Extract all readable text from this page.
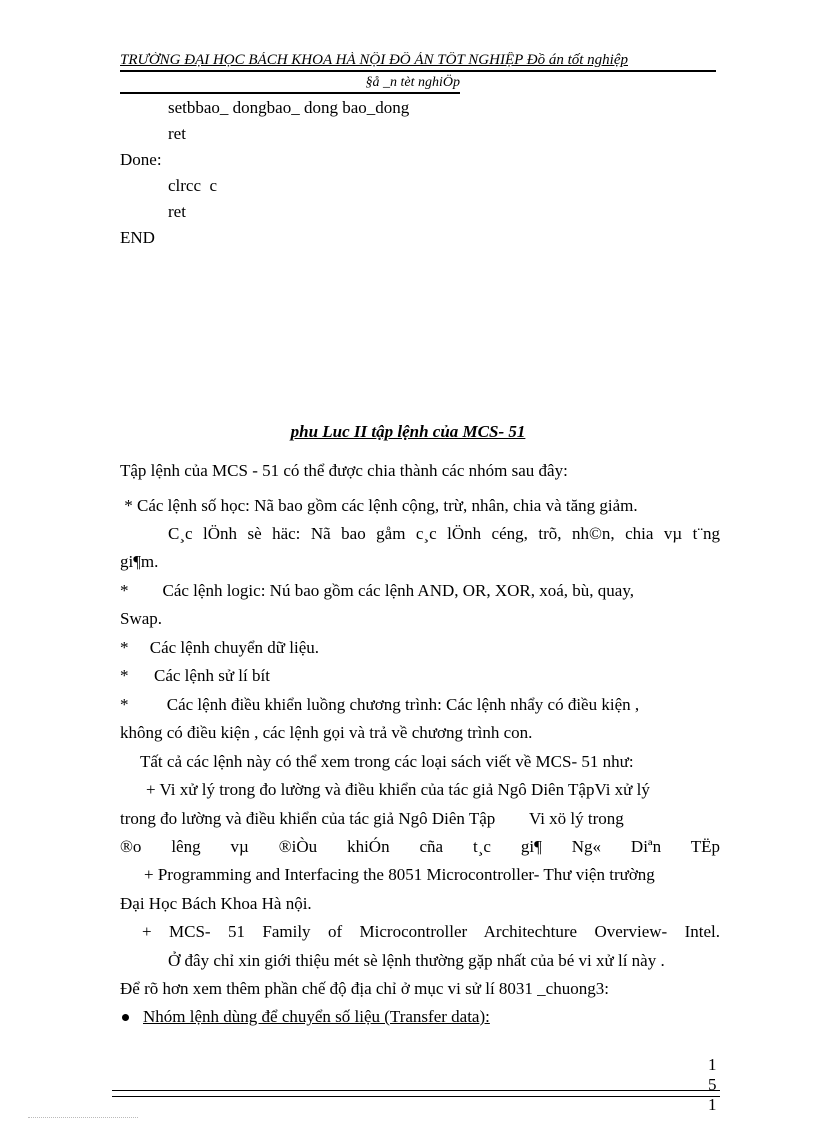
TRƯỜNG ĐẠI HỌC BÁCH KHOA HÀ NỘI ĐỒ ÁN TỐT NGHIỆP Đồ án tốt nghiệp
§å _n tèt nghiÖp
setbbao_ dongbao_ dong bao_dong
ret
Done:
clrcc  c
ret
END
phu Luc II tập lệnh của MCS- 51
Tập lệnh của MCS - 51 có thể được chia thành các nhóm sau đây:
* Các lệnh số học: Nã bao gồm các lệnh cộng, trừ, nhân, chia và tăng giảm.
C¸c lÖnh sè häc: Nã bao gåm c¸c lÖnh céng, trõ, nh©n, chia vµ t¨ng
gi¶m.
*        Các lệnh logic: Nú bao gồm các lệnh AND, OR, XOR, xoá, bù, quay,
Swap.
*     Các lệnh chuyển dữ liệu.
*      Các lệnh sử lí bít
*         Các lệnh điều khiển luồng chương trình: Các lệnh nhẩy có điều kiện ,
không có điều kiện , các lệnh gọi và trả về chương trình con.
Tất cả các lệnh này có thể xem trong các loại sách viết về MCS- 51 như:
+ Vi xử lý trong đo lường và điều khiển của tác giả Ngô Diên TậpVi xử lý
trong đo lường và điều khiển của tác giả Ngô Diên Tập        Vi xö lý trong
®o lêng vµ ®iÒu khiÓn cña t¸c gi¶ Ng« Diªn TËp
+ Programming and Interfacing the 8051 Microcontroller- Thư viện trường
Đại Học Bách Khoa Hà nội.
+ MCS- 51 Family of Microcontroller Architechture Overview- Intel.
Ở đây chỉ xin giới thiệu mét sè lệnh thường gặp nhất của bé vi xử lí này .
Để rõ hơn xem thêm phần chế độ địa chỉ ở mục vi sử lí 8031 _chuong3:
Nhóm lệnh dùng để chuyển số liệu (Transfer data):
1
5
1
